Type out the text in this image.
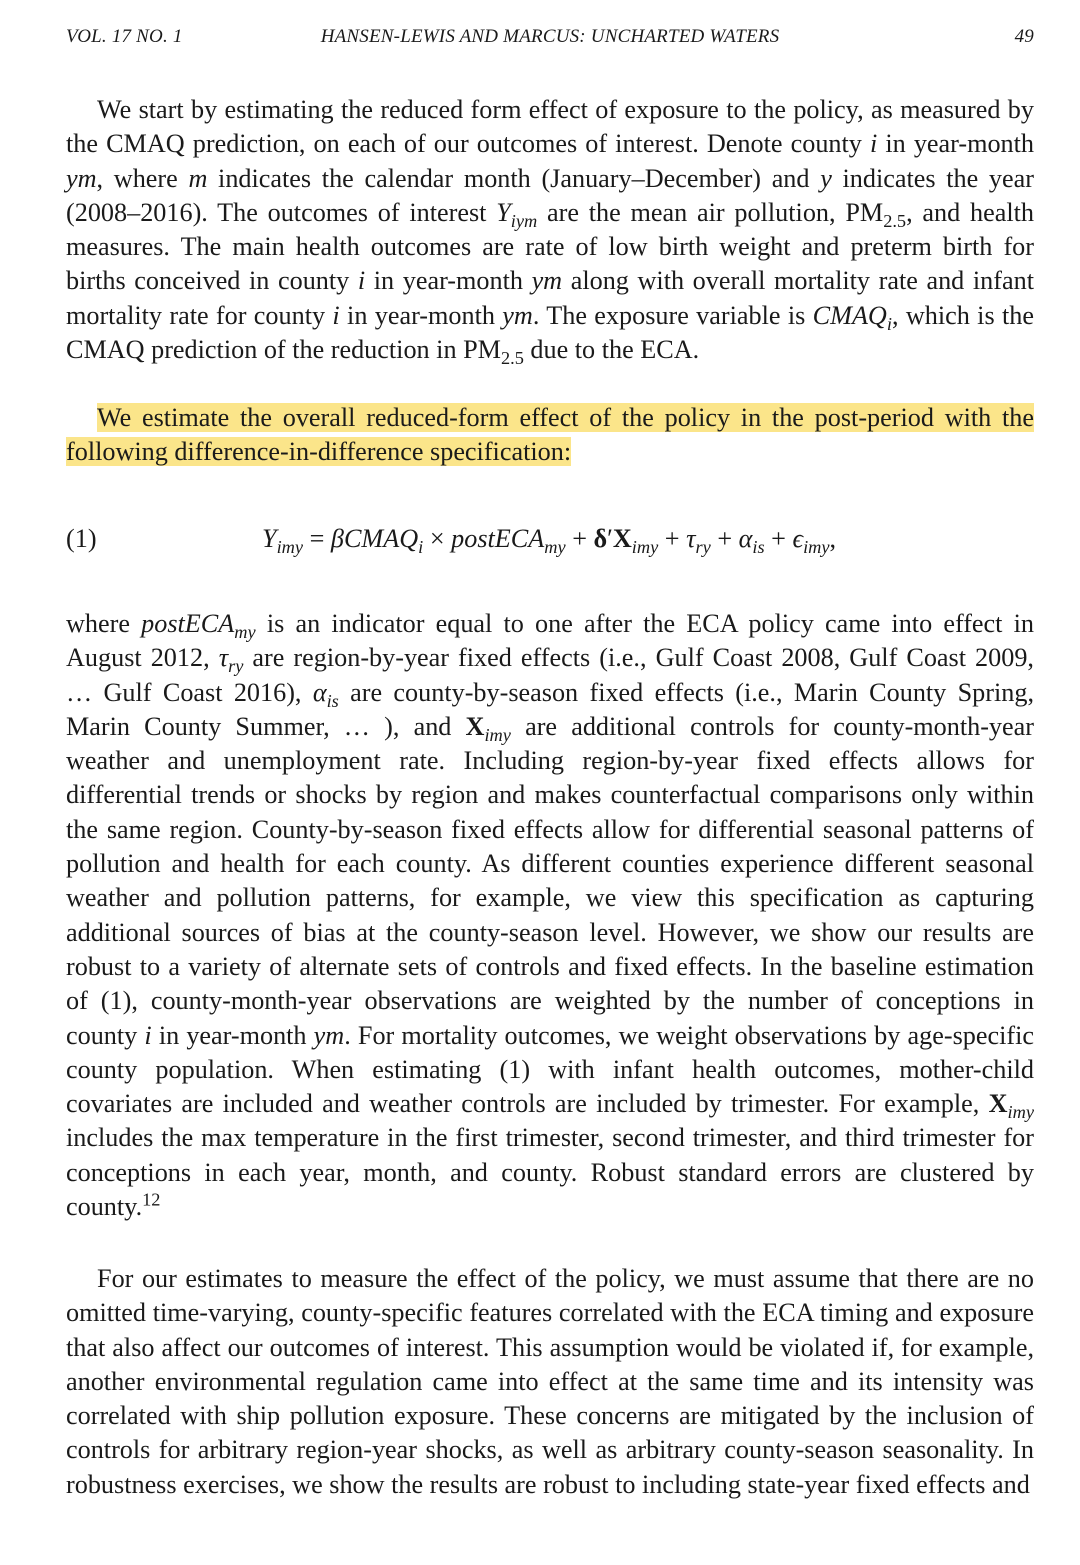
VOL. 17 NO. 1	HANSEN-LEWIS AND MARCUS: UNCHARTED WATERS	49

We start by estimating the reduced form effect of exposure to the policy, as measured by the CMAQ prediction, on each of our outcomes of interest. Denote county i in year-month ym, where m indicates the calendar month (January–December) and y indicates the year (2008–2016). The outcomes of interest $Y_{iym}$ are the mean air pollution, $PM_{2.5}$, and health measures. The main health outcomes are rate of low birth weight and preterm birth for births conceived in county i in year-month ym along with overall mortality rate and infant mortality rate for county i in year-month ym. The exposure variable is $CMAQ_i$, which is the CMAQ prediction of the reduction in $PM_{2.5}$ due to the ECA.

We estimate the overall reduced-form effect of the policy in the post-period with the following difference-in-difference specification:

(1)	$Y_{imy}$ = βCMAQ$_i$ × postECA$_{my}$ + $\delta'X_{imy} + \tau_{ry} + \alpha_{is} + \epsilon_{imy}$,

where postECA$_{my}$ is an indicator equal to one after the ECA policy came into effect in August 2012, $\tau_{ry}$ are region-by-year fixed effects (i.e., Gulf Coast 2008, Gulf Coast 2009, … Gulf Coast 2016), $\alpha_{is}$ are county-by-season fixed effects (i.e., Marin County Spring, Marin County Summer, … ), and $X_{imy}$ are additional controls for county-month-year weather and unemployment rate. Including region-by-year fixed effects allows for differential trends or shocks by region and makes counterfactual comparisons only within the same region. County-by-season fixed effects allow for differential seasonal patterns of pollution and health for each county. As different counties experience different seasonal weather and pollution patterns, for example, we view this specification as capturing additional sources of bias at the county-season level. However, we show our results are robust to a variety of alternate sets of controls and fixed effects. In the baseline estimation of (1), county-month-year observations are weighted by the number of conceptions in county i in year-month ym. For mortality outcomes, we weight observations by age-specific county population. When estimating (1) with infant health outcomes, mother-child covariates are included and weather controls are included by trimester. For example, $X_{imy}$ includes the max temperature in the first trimester, second trimester, and third trimester for conceptions in each year, month, and county. Robust standard errors are clustered by county.$^{12}$

For our estimates to measure the effect of the policy, we must assume that there are no omitted time-varying, county-specific features correlated with the ECA timing and exposure that also affect our outcomes of interest. This assumption would be violated if, for example, another environmental regulation came into effect at the same time and its intensity was correlated with ship pollution exposure. These concerns are mitigated by the inclusion of controls for arbitrary region-year shocks, as well as arbitrary county-season seasonality. In robustness exercises, we show the results are robust to including state-year fixed effects and
